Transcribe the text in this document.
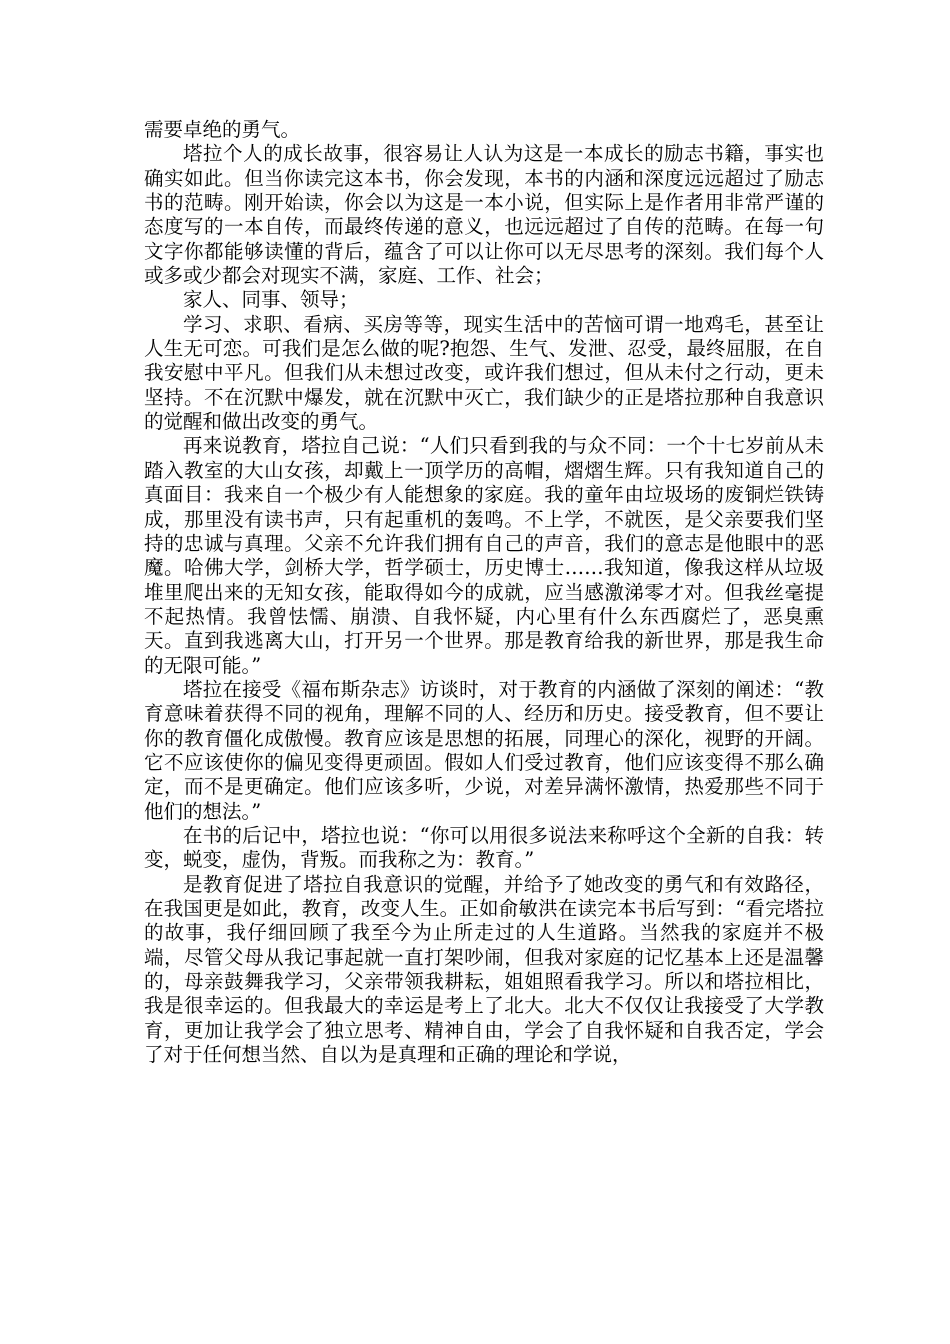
需要卓绝的勇气。

塔拉个人的成长故事，很容易让人认为这是一本成长的励志书籍，事实也确实如此。但当你读完这本书，你会发现，本书的内涵和深度远远超过了励志书的范畴。刚开始读，你会以为这是一本小说，但实际上是作者用非常严谨的态度写的一本自传，而最终传递的意义，也远远超过了自传的范畴。在每一句文字你都能够读懂的背后，蕴含了可以让你可以无尽思考的深刻。我们每个人或多或少都会对现实不满，家庭、工作、社会；

家人、同事、领导；

学习、求职、看病、买房等等，现实生活中的苦恼可谓一地鸡毛，甚至让人生无可恋。可我们是怎么做的呢?抱怨、生气、发泄、忍受，最终屈服，在自我安慰中平凡。但我们从未想过改变，或许我们想过，但从未付之行动，更未坚持。不在沉默中爆发，就在沉默中灭亡，我们缺少的正是塔拉那种自我意识的觉醒和做出改变的勇气。

再来说教育，塔拉自己说：“人们只看到我的与众不同：一个十七岁前从未踏入教室的大山女孩，却戴上一顶学历的高帽，熠熠生辉。只有我知道自己的真面目：我来自一个极少有人能想象的家庭。我的童年由垃圾场的废铜烂铁铸成，那里没有读书声，只有起重机的轰鸣。不上学，不就医，是父亲要我们坚持的忠诚与真理。父亲不允许我们拥有自己的声音，我们的意志是他眼中的恶魔。哈佛大学，剑桥大学，哲学硕士，历史博士……我知道，像我这样从垃圾堆里爬出来的无知女孩，能取得如今的成就，应当感激涕零才对。但我丝毫提不起热情。我曾怯懦、崩溃、自我怀疑，内心里有什么东西腐烂了，恶臭熏天。直到我逃离大山，打开另一个世界。那是教育给我的新世界，那是我生命的无限可能。”

塔拉在接受《福布斯杂志》访谈时，对于教育的内涵做了深刻的阐述：“教育意味着获得不同的视角，理解不同的人、经历和历史。接受教育，但不要让你的教育僵化成傲慢。教育应该是思想的拓展，同理心的深化，视野的开阔。它不应该使你的偏见变得更顽固。假如人们受过教育，他们应该变得不那么确定，而不是更确定。他们应该多听，少说，对差异满怀激情，热爱那些不同于他们的想法。”

在书的后记中，塔拉也说：“你可以用很多说法来称呼这个全新的自我：转变，蜕变，虚伪，背叛。而我称之为：教育。”

是教育促进了塔拉自我意识的觉醒，并给予了她改变的勇气和有效路径，在我国更是如此，教育，改变人生。正如俞敏洪在读完本书后写到：“看完塔拉的故事，我仔细回顾了我至今为止所走过的人生道路。当然我的家庭并不极端，尽管父母从我记事起就一直打架吵闹，但我对家庭的记忆基本上还是温馨的，母亲鼓舞我学习，父亲带领我耕耘，姐姐照看我学习。所以和塔拉相比，我是很幸运的。但我最大的幸运是考上了北大。北大不仅仅让我接受了大学教育，更加让我学会了独立思考、精神自由，学会了自我怀疑和自我否定，学会了对于任何想当然、自以为是真理和正确的理论和学说，
